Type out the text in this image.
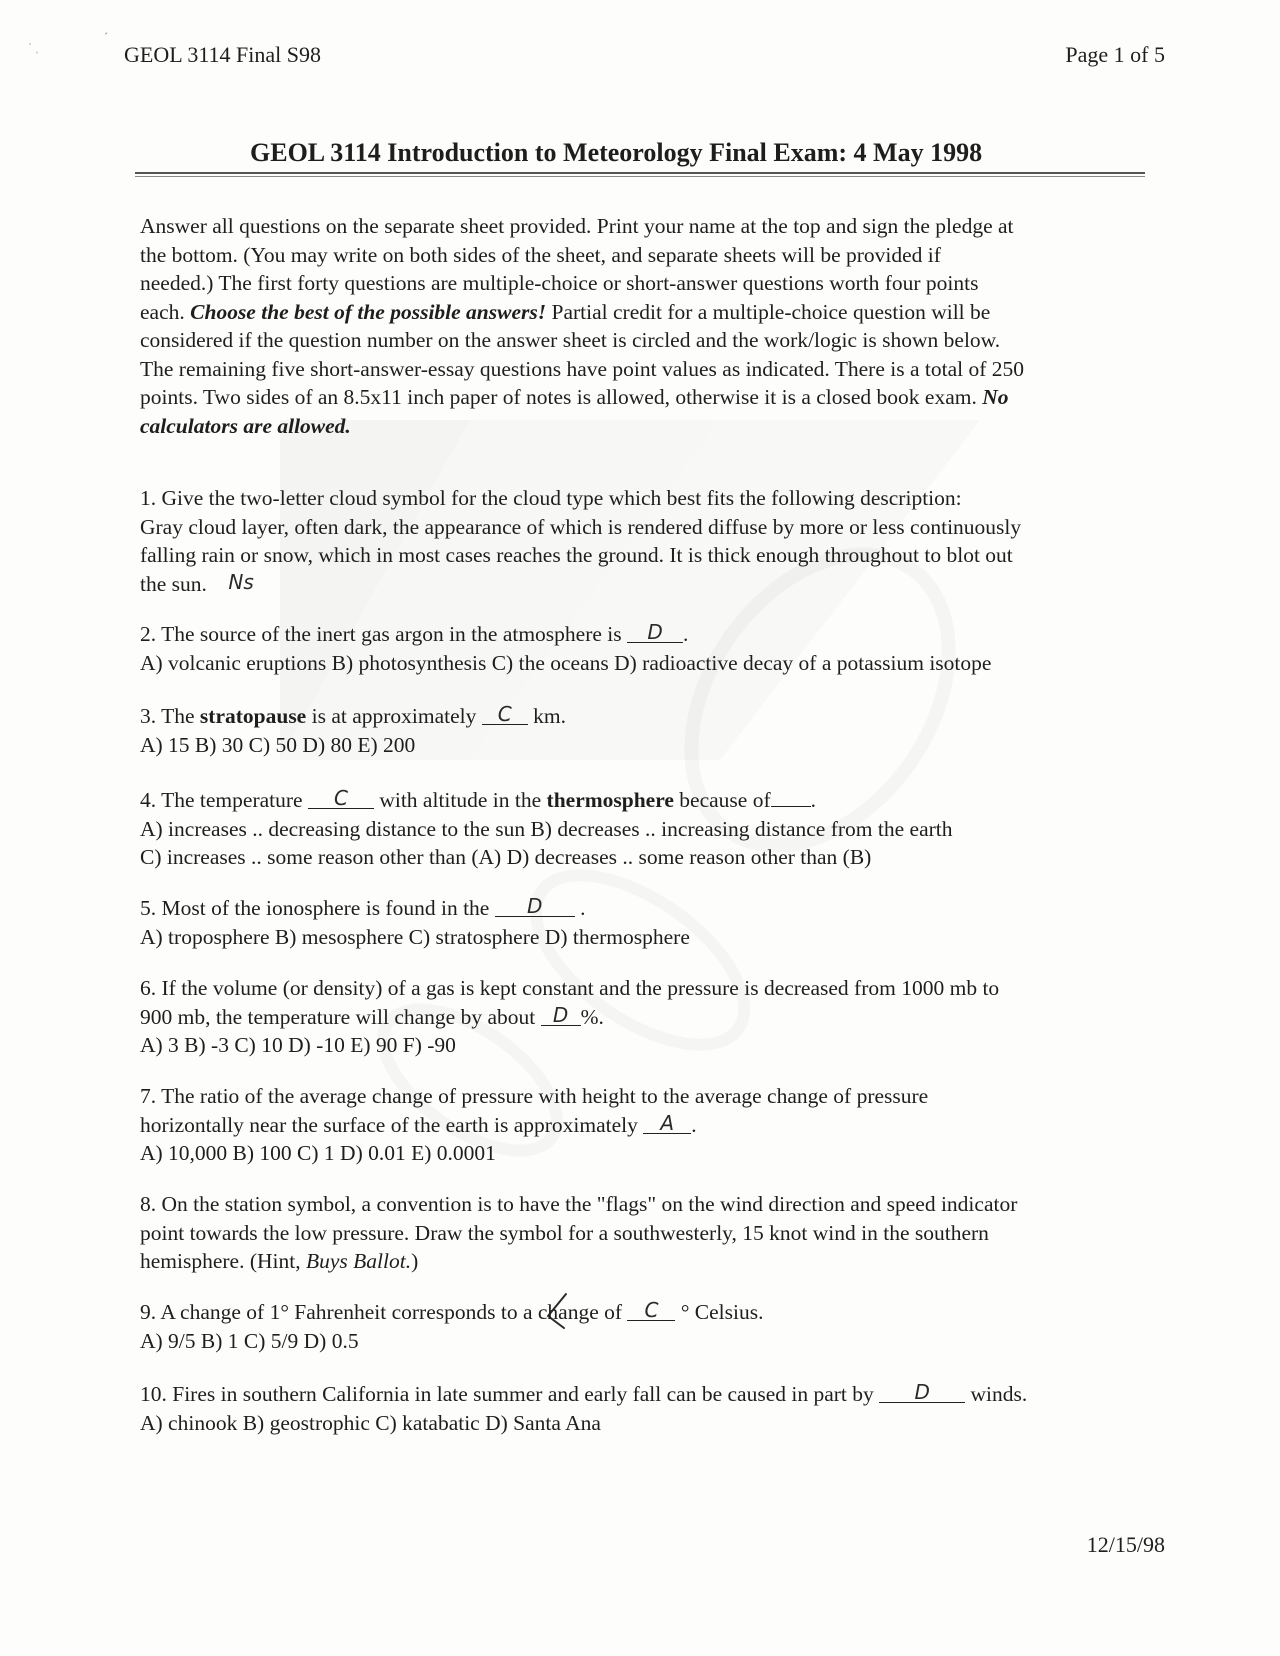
˙ ˌ
ˊ
GEOL 3114 Final S98	Page 1 of 5
GEOL 3114 Introduction to Meteorology Final Exam: 4 May 1998
Answer all questions on the separate sheet provided. Print your name at the top and sign the pledge at
the bottom. (You may write on both sides of the sheet, and separate sheets will be provided if
needed.) The first forty questions are multiple-choice or short-answer questions worth four points
each. Choose the best of the possible answers! Partial credit for a multiple-choice question will be
considered if the question number on the answer sheet is circled and the work/logic is shown below.
The remaining five short-answer-essay questions have point values as indicated. There is a total of 250
points. Two sides of an 8.5x11 inch paper of notes is allowed, otherwise it is a closed book exam. No
calculators are allowed.
1. Give the two-letter cloud symbol for the cloud type which best fits the following description:
Gray cloud layer, often dark, the appearance of which is rendered diffuse by more or less continuously
falling rain or snow, which in most cases reaches the ground. It is thick enough throughout to blot out
the sun. Ns
2. The source of the inert gas argon in the atmosphere is D .
A) volcanic eruptions B) photosynthesis C) the oceans D) radioactive decay of a potassium isotope
3. The stratopause is at approximately C km.
A) 15 B) 30 C) 50 D) 80 E) 200
4. The temperature C with altitude in the thermosphere because of .
A) increases .. decreasing distance to the sun B) decreases .. increasing distance from the earth
C) increases .. some reason other than (A) D) decreases .. some reason other than (B)
5. Most of the ionosphere is found in the D .
A) troposphere B) mesosphere C) stratosphere D) thermosphere
6. If the volume (or density) of a gas is kept constant and the pressure is decreased from 1000 mb to
900 mb, the temperature will change by about D %.
A) 3 B) -3 C) 10 D) -10 E) 90 F) -90
7. The ratio of the average change of pressure with height to the average change of pressure
horizontally near the surface of the earth is approximately A .
A) 10,000 B) 100 C) 1 D) 0.01 E) 0.0001
8. On the station symbol, a convention is to have the "flags" on the wind direction and speed indicator
point towards the low pressure. Draw the symbol for a southwesterly, 15 knot wind in the southern
hemisphere. (Hint, Buys Ballot.)
9. A change of 1° Fahrenheit corresponds to a change of C ° Celsius.
A) 9/5 B) 1 C) 5/9 D) 0.5
10. Fires in southern California in late summer and early fall can be caused in part by D winds.
A) chinook B) geostrophic C) katabatic D) Santa Ana
12/15/98
